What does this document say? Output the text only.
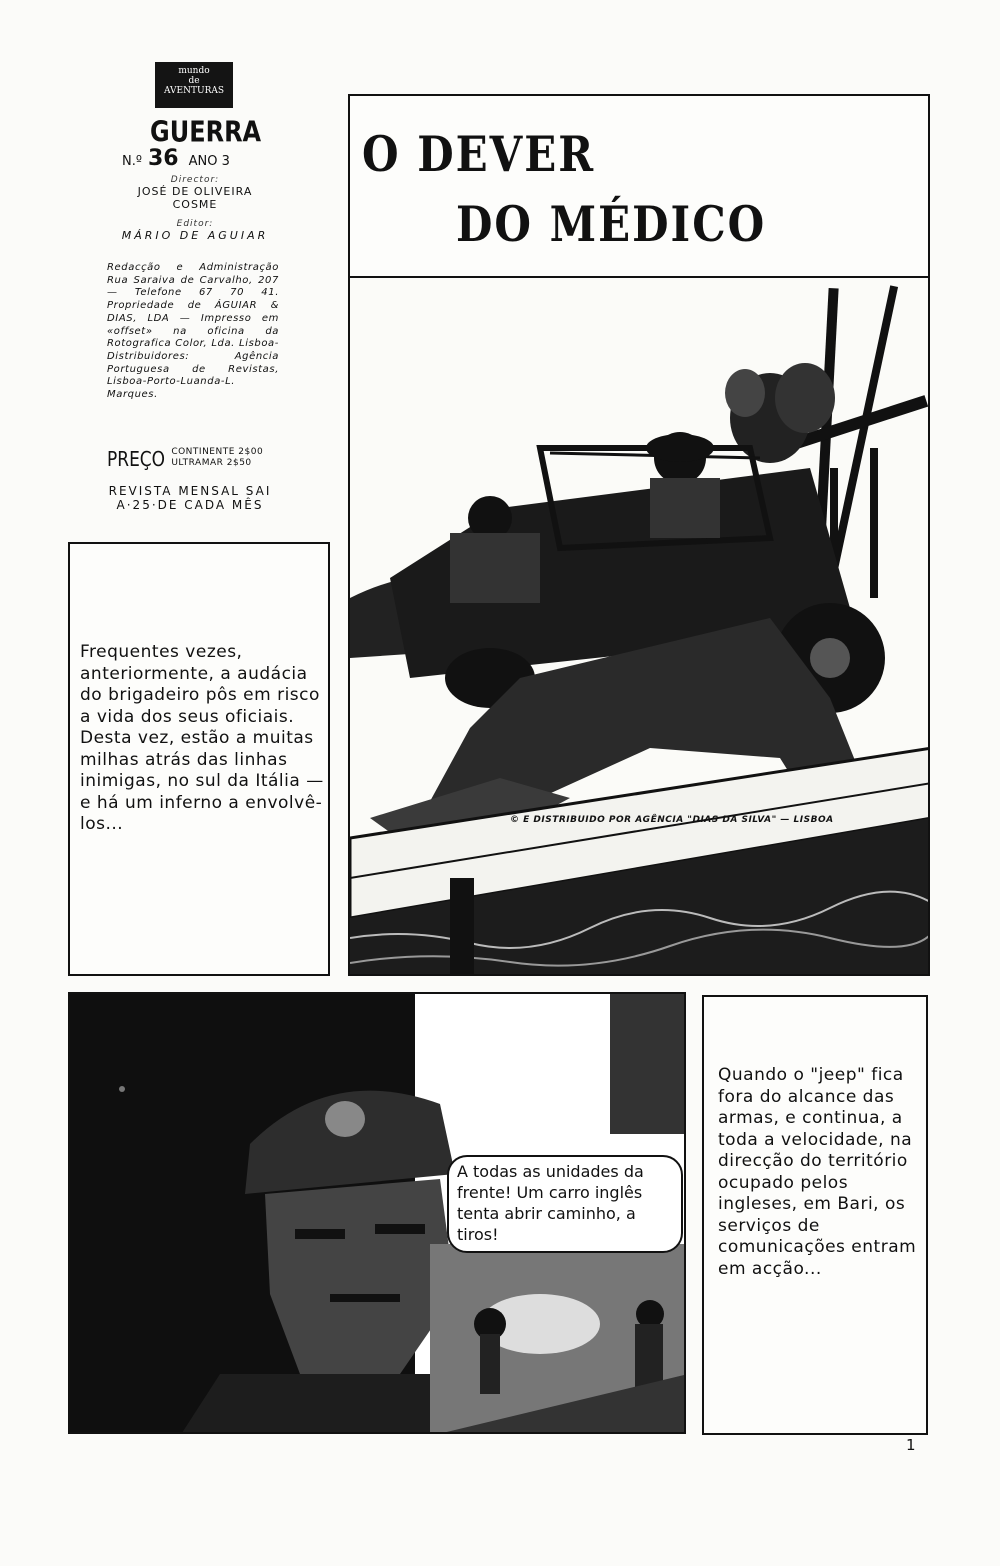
mundo
de
AVENTURAS
GUERRA
N.º 36 ANO 3
Director:
JOSÉ DE OLIVEIRA COSME
Editor:
MÁRIO DE AGUIAR
Redacção e Administração Rua Saraiva de Carvalho, 207 — Telefone 67 70 41. Propriedade de ÁGUIAR & DIAS, LDA — Impresso em «offset» na oficina da Rotografica Color, Lda. Lisboa-Distribuidores: Agência Portuguesa de Revistas, Lisboa-Porto-Luanda-L. Marques.
PREÇO CONTINENTE 2$00
ULTRAMAR 2$50
REVISTA MENSAL SAI A·25·DE CADA MÊS
O DEVER
DO MÉDICO
© E DISTRIBUIDO POR AGÊNCIA "DIAS DA SILVA" — LISBOA
Frequentes vezes, anteriormente, a audácia do brigadeiro pôs em risco a vida dos seus oficiais. Desta vez, estão a muitas milhas atrás das linhas inimigas, no sul da Itália — e há um inferno a envolvê-los...
A todas as unidades da frente! Um carro inglês tenta abrir caminho, a tiros!
Quando o "jeep" fica fora do alcance das armas, e continua, a toda a velocidade, na direcção do território ocupado pelos ingleses, em Bari, os serviços de comunicações entram em acção...
1
